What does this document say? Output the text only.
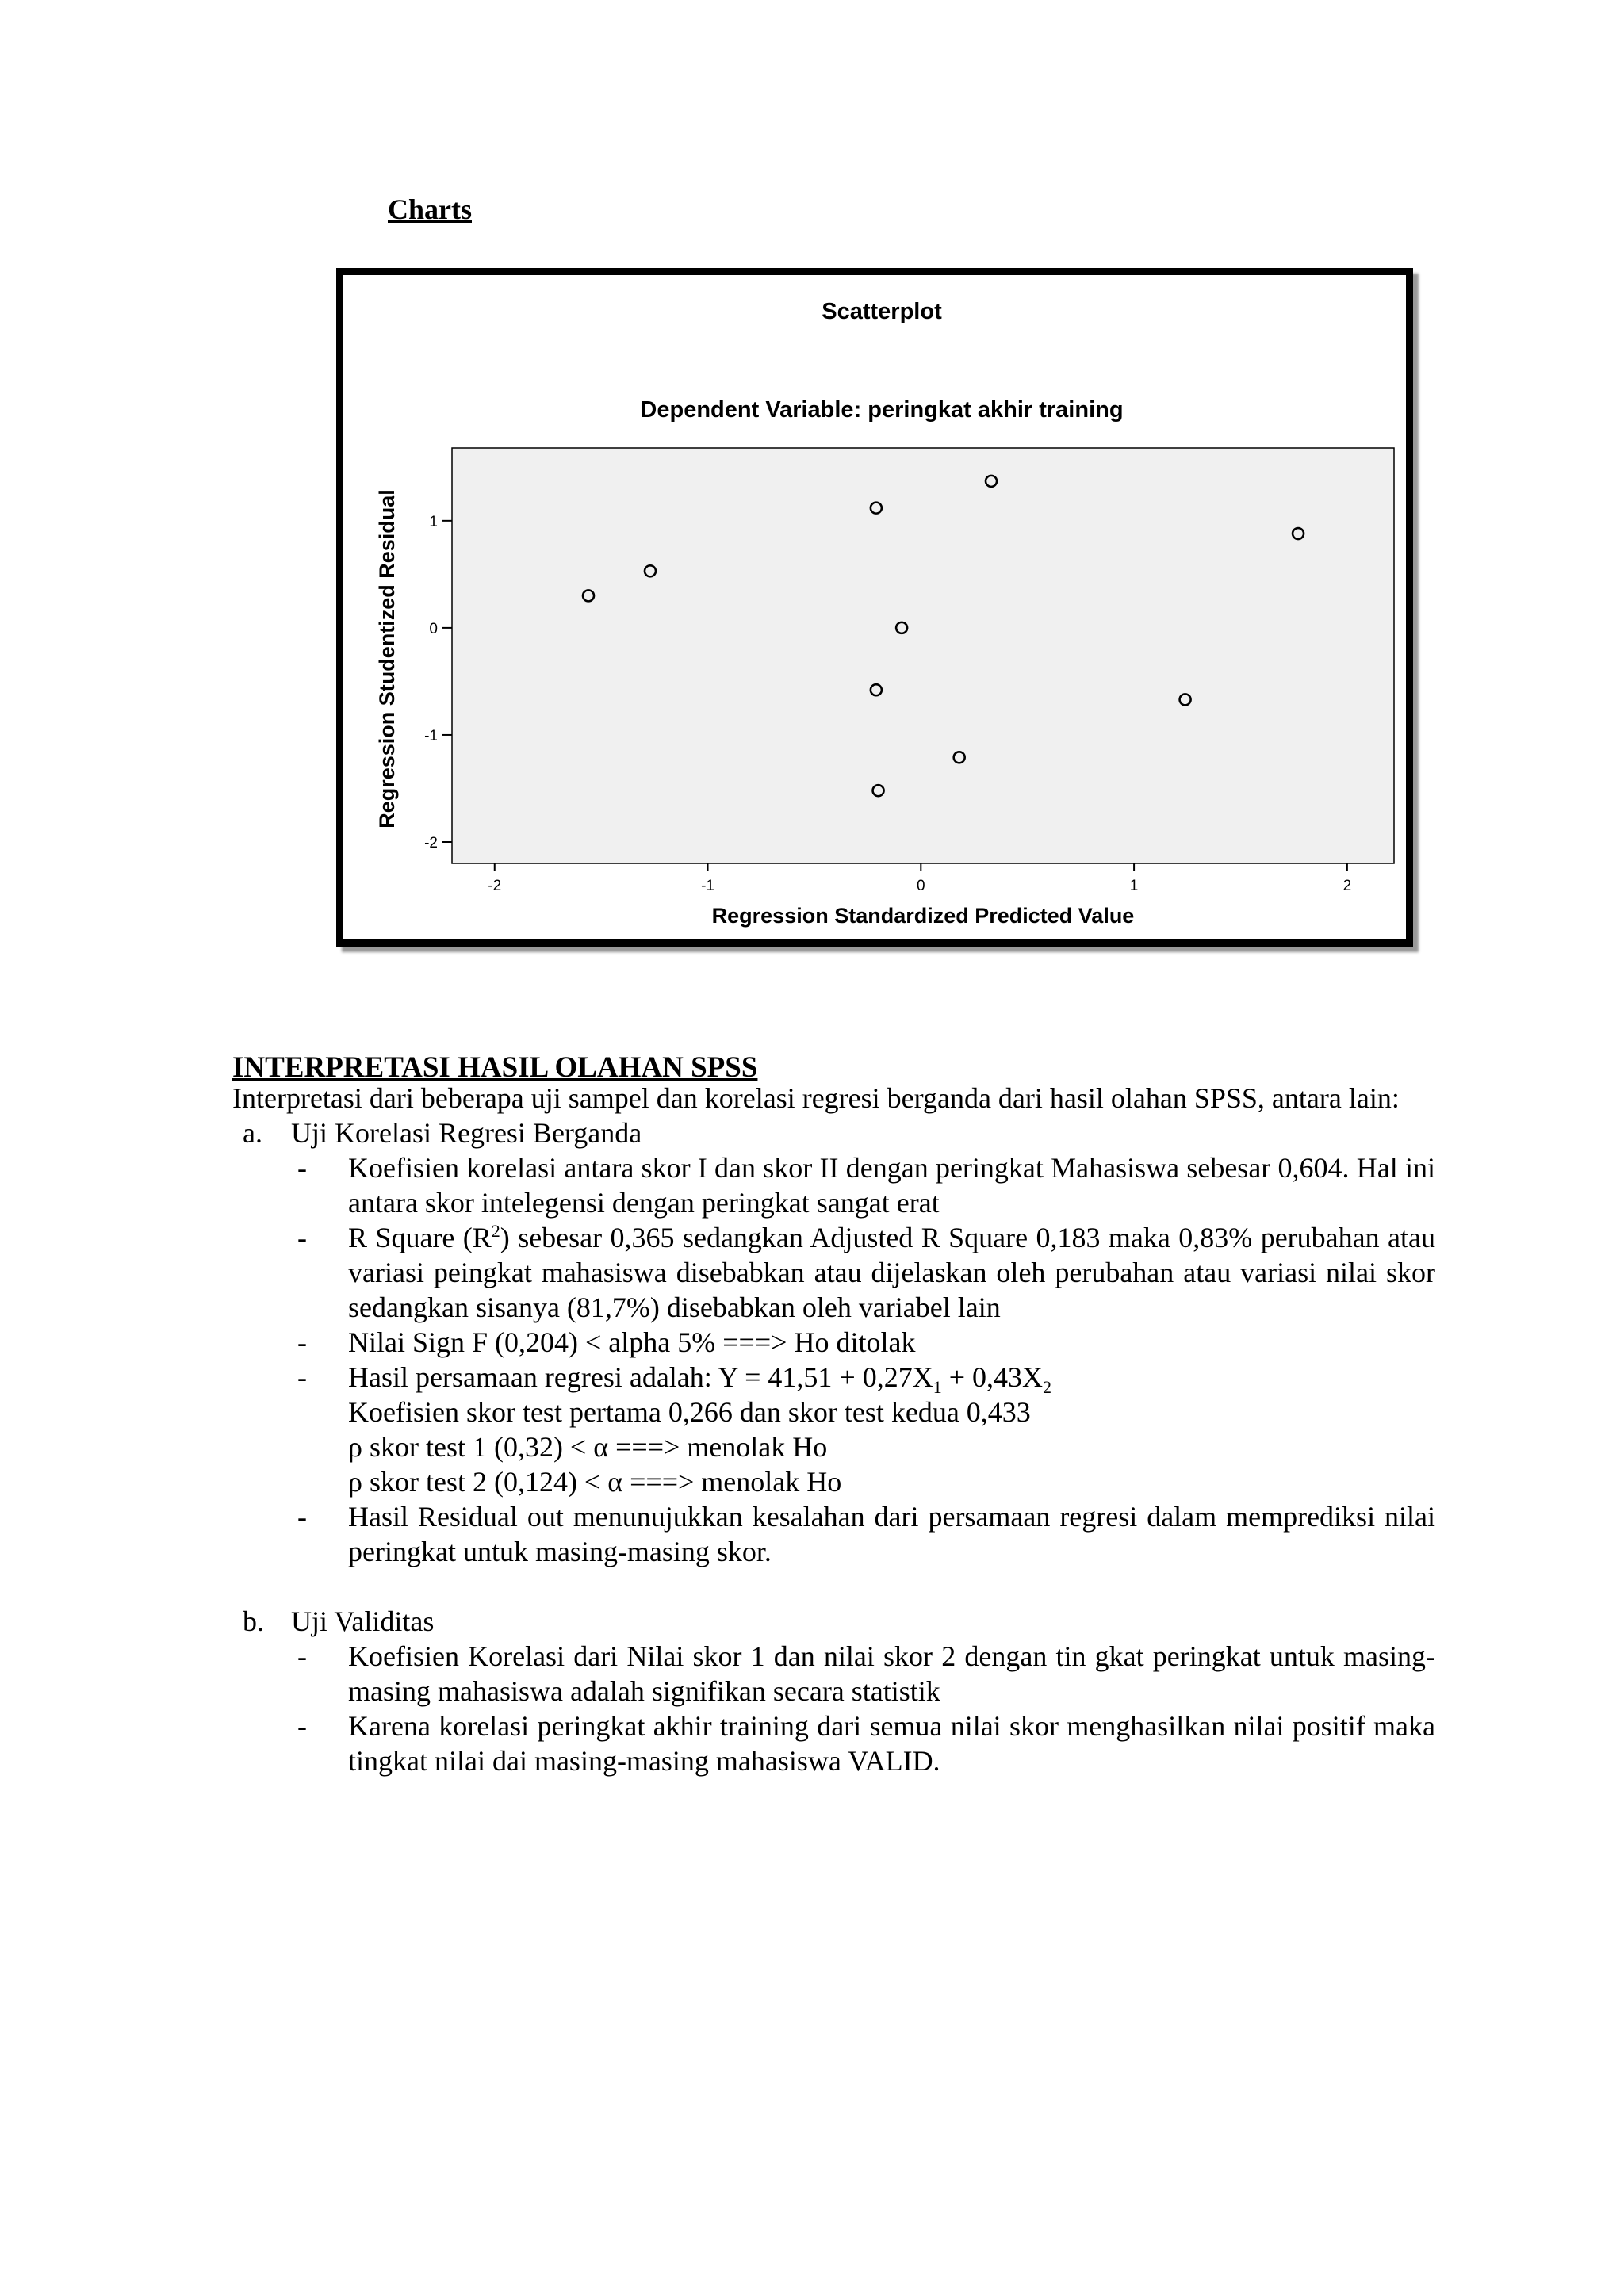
Charts
Scatterplot
Dependent Variable: peringkat akhir training
-2	-1	0	1	2
-2
-1
0
1
Regression Standardized Predicted Value
Regression Studentized Residual
INTERPRETASI HASIL OLAHAN SPSS

Interpretasi dari beberapa uji sampel dan korelasi regresi berganda dari hasil olahan SPSS, antara lain:

a.	Uji Korelasi Regresi Berganda

-	Koefisien korelasi antara skor I dan skor II dengan peringkat Mahasiswa sebesar 0,604. Hal ini antara skor intelegensi dengan peringkat sangat erat

-	R Square $(R^2)$ sebesar 0,365 sedangkan Adjusted R Square 0,183 maka 0,83% perubahan atau variasi peingkat mahasiswa disebabkan atau dijelaskan oleh perubahan atau variasi nilai skor sedangkan sisanya (81,7%) disebabkan oleh variabel lain

-	Nilai Sign F (0,204) < alpha 5% ===> Ho ditolak

-	Hasil persamaan regresi adalah: $Y = 41,51 + 0,27X_1 + 0,43X_2$
Koefisien skor test pertama 0,266 dan skor test kedua 0,433
ρ skor test 1 (0,32) < α ===> menolak Ho
ρ skor test 2 (0,124) < α ===> menolak Ho

-	Hasil Residual out menunujukkan kesalahan dari persamaan regresi dalam memprediksi nilai peringkat untuk masing-masing skor.

b. Uji Validitas

-	Koefisien Korelasi dari Nilai skor 1 dan nilai skor 2 dengan tin gkat peringkat untuk masing-masing mahasiswa adalah signifikan secara statistik

-	Karena korelasi peringkat akhir training dari semua nilai skor menghasilkan nilai positif maka tingkat nilai dai masing-masing mahasiswa VALID.
